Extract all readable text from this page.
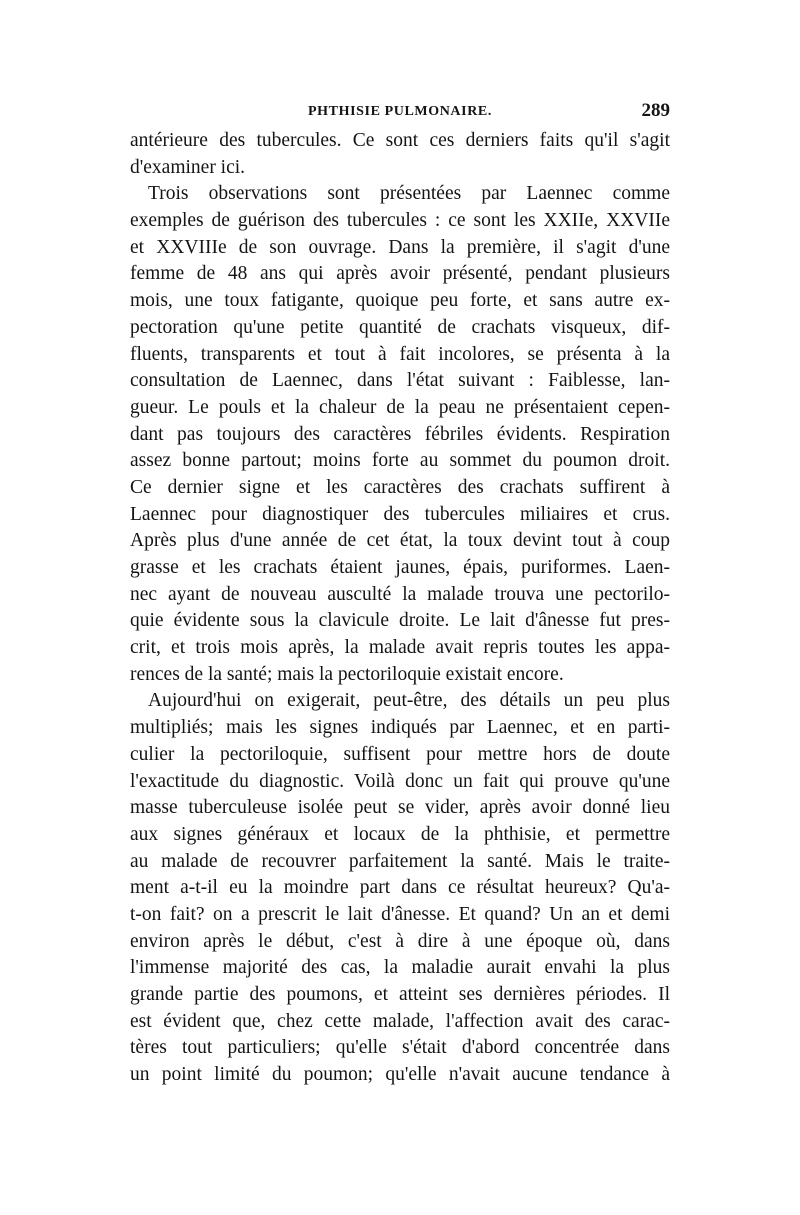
PHTHISIE PULMONAIRE.	289
antérieure des tubercules. Ce sont ces derniers faits qu'il s'agit
d'examiner ici.
Trois observations sont présentées par Laennec comme
exemples de guérison des tubercules : ce sont les XXIIe, XXVIIe
et XXVIIIe de son ouvrage. Dans la première, il s'agit d'une
femme de 48 ans qui après avoir présenté, pendant plusieurs
mois, une toux fatigante, quoique peu forte, et sans autre ex-
pectoration qu'une petite quantité de crachats visqueux, dif-
fluents, transparents et tout à fait incolores, se présenta à la
consultation de Laennec, dans l'état suivant : Faiblesse, lan-
gueur. Le pouls et la chaleur de la peau ne présentaient cepen-
dant pas toujours des caractères fébriles évidents. Respiration
assez bonne partout; moins forte au sommet du poumon droit.
Ce dernier signe et les caractères des crachats suffirent à
Laennec pour diagnostiquer des tubercules miliaires et crus.
Après plus d'une année de cet état, la toux devint tout à coup
grasse et les crachats étaient jaunes, épais, puriformes. Laen-
nec ayant de nouveau ausculté la malade trouva une pectorilo-
quie évidente sous la clavicule droite. Le lait d'ânesse fut pres-
crit, et trois mois après, la malade avait repris toutes les appa-
rences de la santé; mais la pectoriloquie existait encore.
Aujourd'hui on exigerait, peut-être, des détails un peu plus
multipliés; mais les signes indiqués par Laennec, et en parti-
culier la pectoriloquie, suffisent pour mettre hors de doute
l'exactitude du diagnostic. Voilà donc un fait qui prouve qu'une
masse tuberculeuse isolée peut se vider, après avoir donné lieu
aux signes généraux et locaux de la phthisie, et permettre
au malade de recouvrer parfaitement la santé. Mais le traite-
ment a-t-il eu la moindre part dans ce résultat heureux? Qu'a-
t-on fait? on a prescrit le lait d'ânesse. Et quand? Un an et demi
environ après le début, c'est à dire à une époque où, dans
l'immense majorité des cas, la maladie aurait envahi la plus
grande partie des poumons, et atteint ses dernières périodes. Il
est évident que, chez cette malade, l'affection avait des carac-
tères tout particuliers; qu'elle s'était d'abord concentrée dans
un point limité du poumon; qu'elle n'avait aucune tendance à
